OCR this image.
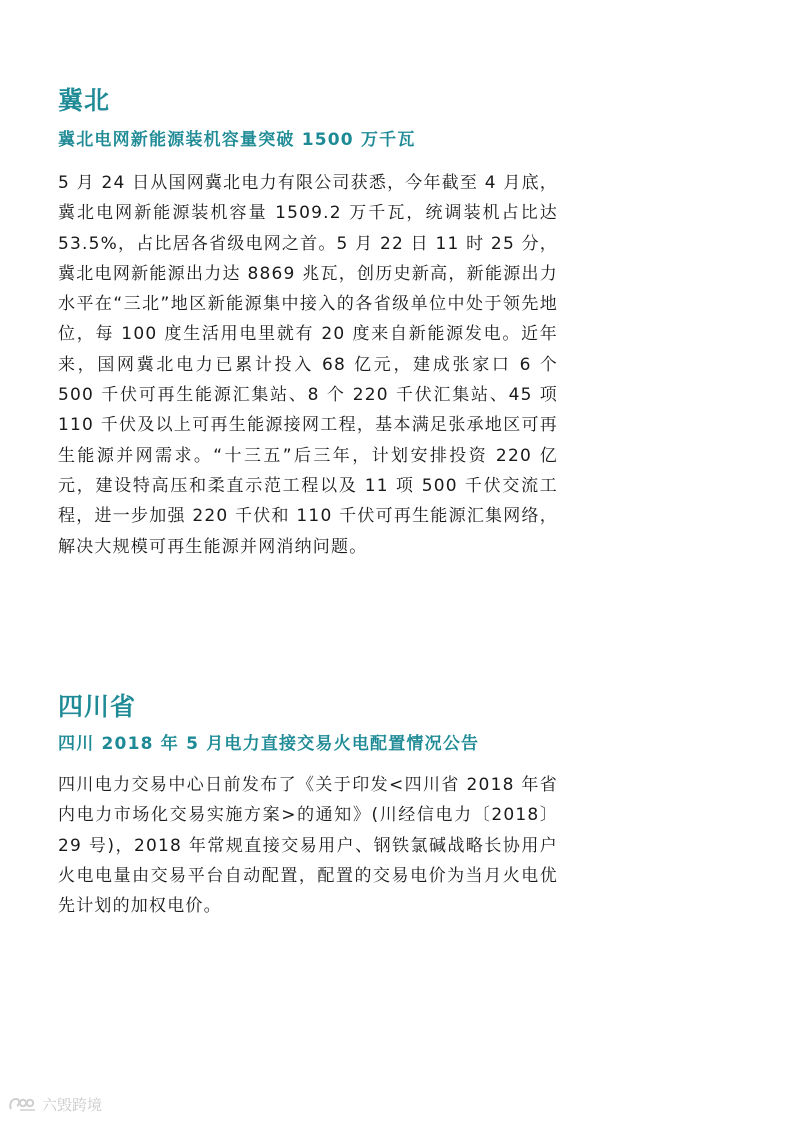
冀北
冀北电网新能源装机容量突破 1500 万千瓦

5 月 24 日从国网冀北电力有限公司获悉，今年截至 4 月底，冀北电网新能源装机容量 1509.2 万千瓦，统调装机占比达 53.5%，占比居各省级电网之首。5 月 22 日 11 时 25 分，冀北电网新能源出力达 8869 兆瓦，创历史新高，新能源出力水平在“三北”地区新能源集中接入的各省级单位中处于领先地位，每 100 度生活用电里就有 20 度来自新能源发电。近年来，国网冀北电力已累计投入 68 亿元，建成张家口 6 个 500 千伏可再生能源汇集站、8 个 220 千伏汇集站、45 项 110 千伏及以上可再生能源接网工程，基本满足张承地区可再生能源并网需求。“十三五”后三年，计划安排投资 220 亿元，建设特高压和柔直示范工程以及 11 项 500 千伏交流工程，进一步加强 220 千伏和 110 千伏可再生能源汇集网络，解决大规模可再生能源并网消纳问题。

四川省
四川 2018 年 5 月电力直接交易火电配置情况公告

四川电力交易中心日前发布了《关于印发<四川省 2018 年省内电力市场化交易实施方案>的通知》(川经信电力〔2018〕 29 号)，2018 年常规直接交易用户、钢铁氯碱战略长协用户火电电量由交易平台自动配置，配置的交易电价为当月火电优先计划的加权电价。

六毁跨境
